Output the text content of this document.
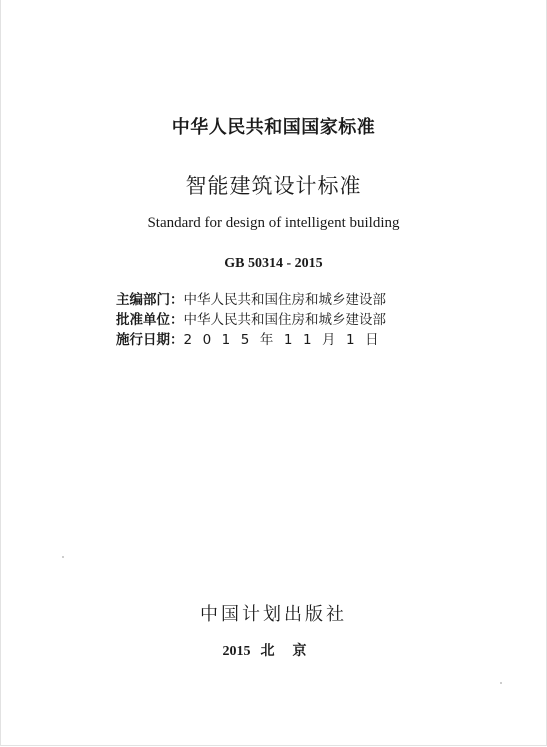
中华人民共和国国家标准
智能建筑设计标准
Standard for design of intelligent building
GB 50314 - 2015
主编部门：中华人民共和国住房和城乡建设部
批准单位：中华人民共和国住房和城乡建设部
施行日期：2015年11月1日
中国计划出版社
2015 北京
